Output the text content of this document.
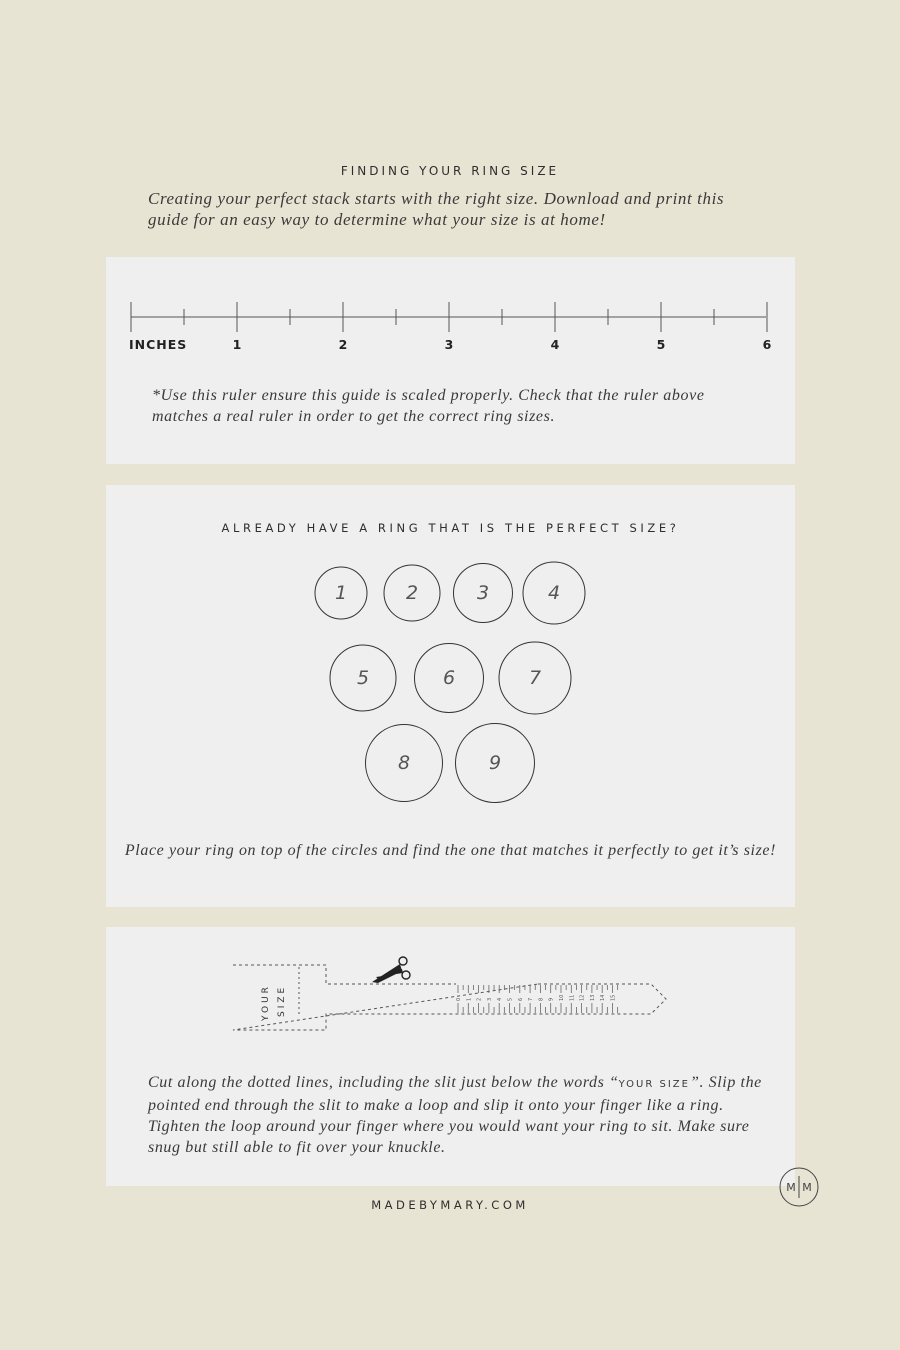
FINDING YOUR RING SIZE
Creating your perfect stack starts with the right size. Download and print this guide for an easy way to determine what your size is at home!
INCHES	1	2	3	4	5	6
*Use this ruler ensure this guide is scaled properly. Check that the ruler above matches a real ruler in order to get the correct ring sizes.
ALREADY HAVE A RING THAT IS THE PERFECT SIZE?
1	2	3	4
5	6	7
8	9
Place your ring on top of the circles and find the one that matches it perfectly to get it’s size!
YOUR SIZE	0 1 2 3 4 5 6 7 8 9 10 11 12 13 14 15
Cut along the dotted lines, including the slit just below the words “YOUR SIZE”. Slip the pointed end through the slit to make a loop and slip it onto your finger like a ring. Tighten the loop around your finger where you would want your ring to sit. Make sure snug but still able to fit over your knuckle.
MADEBYMARY.COM
M M
